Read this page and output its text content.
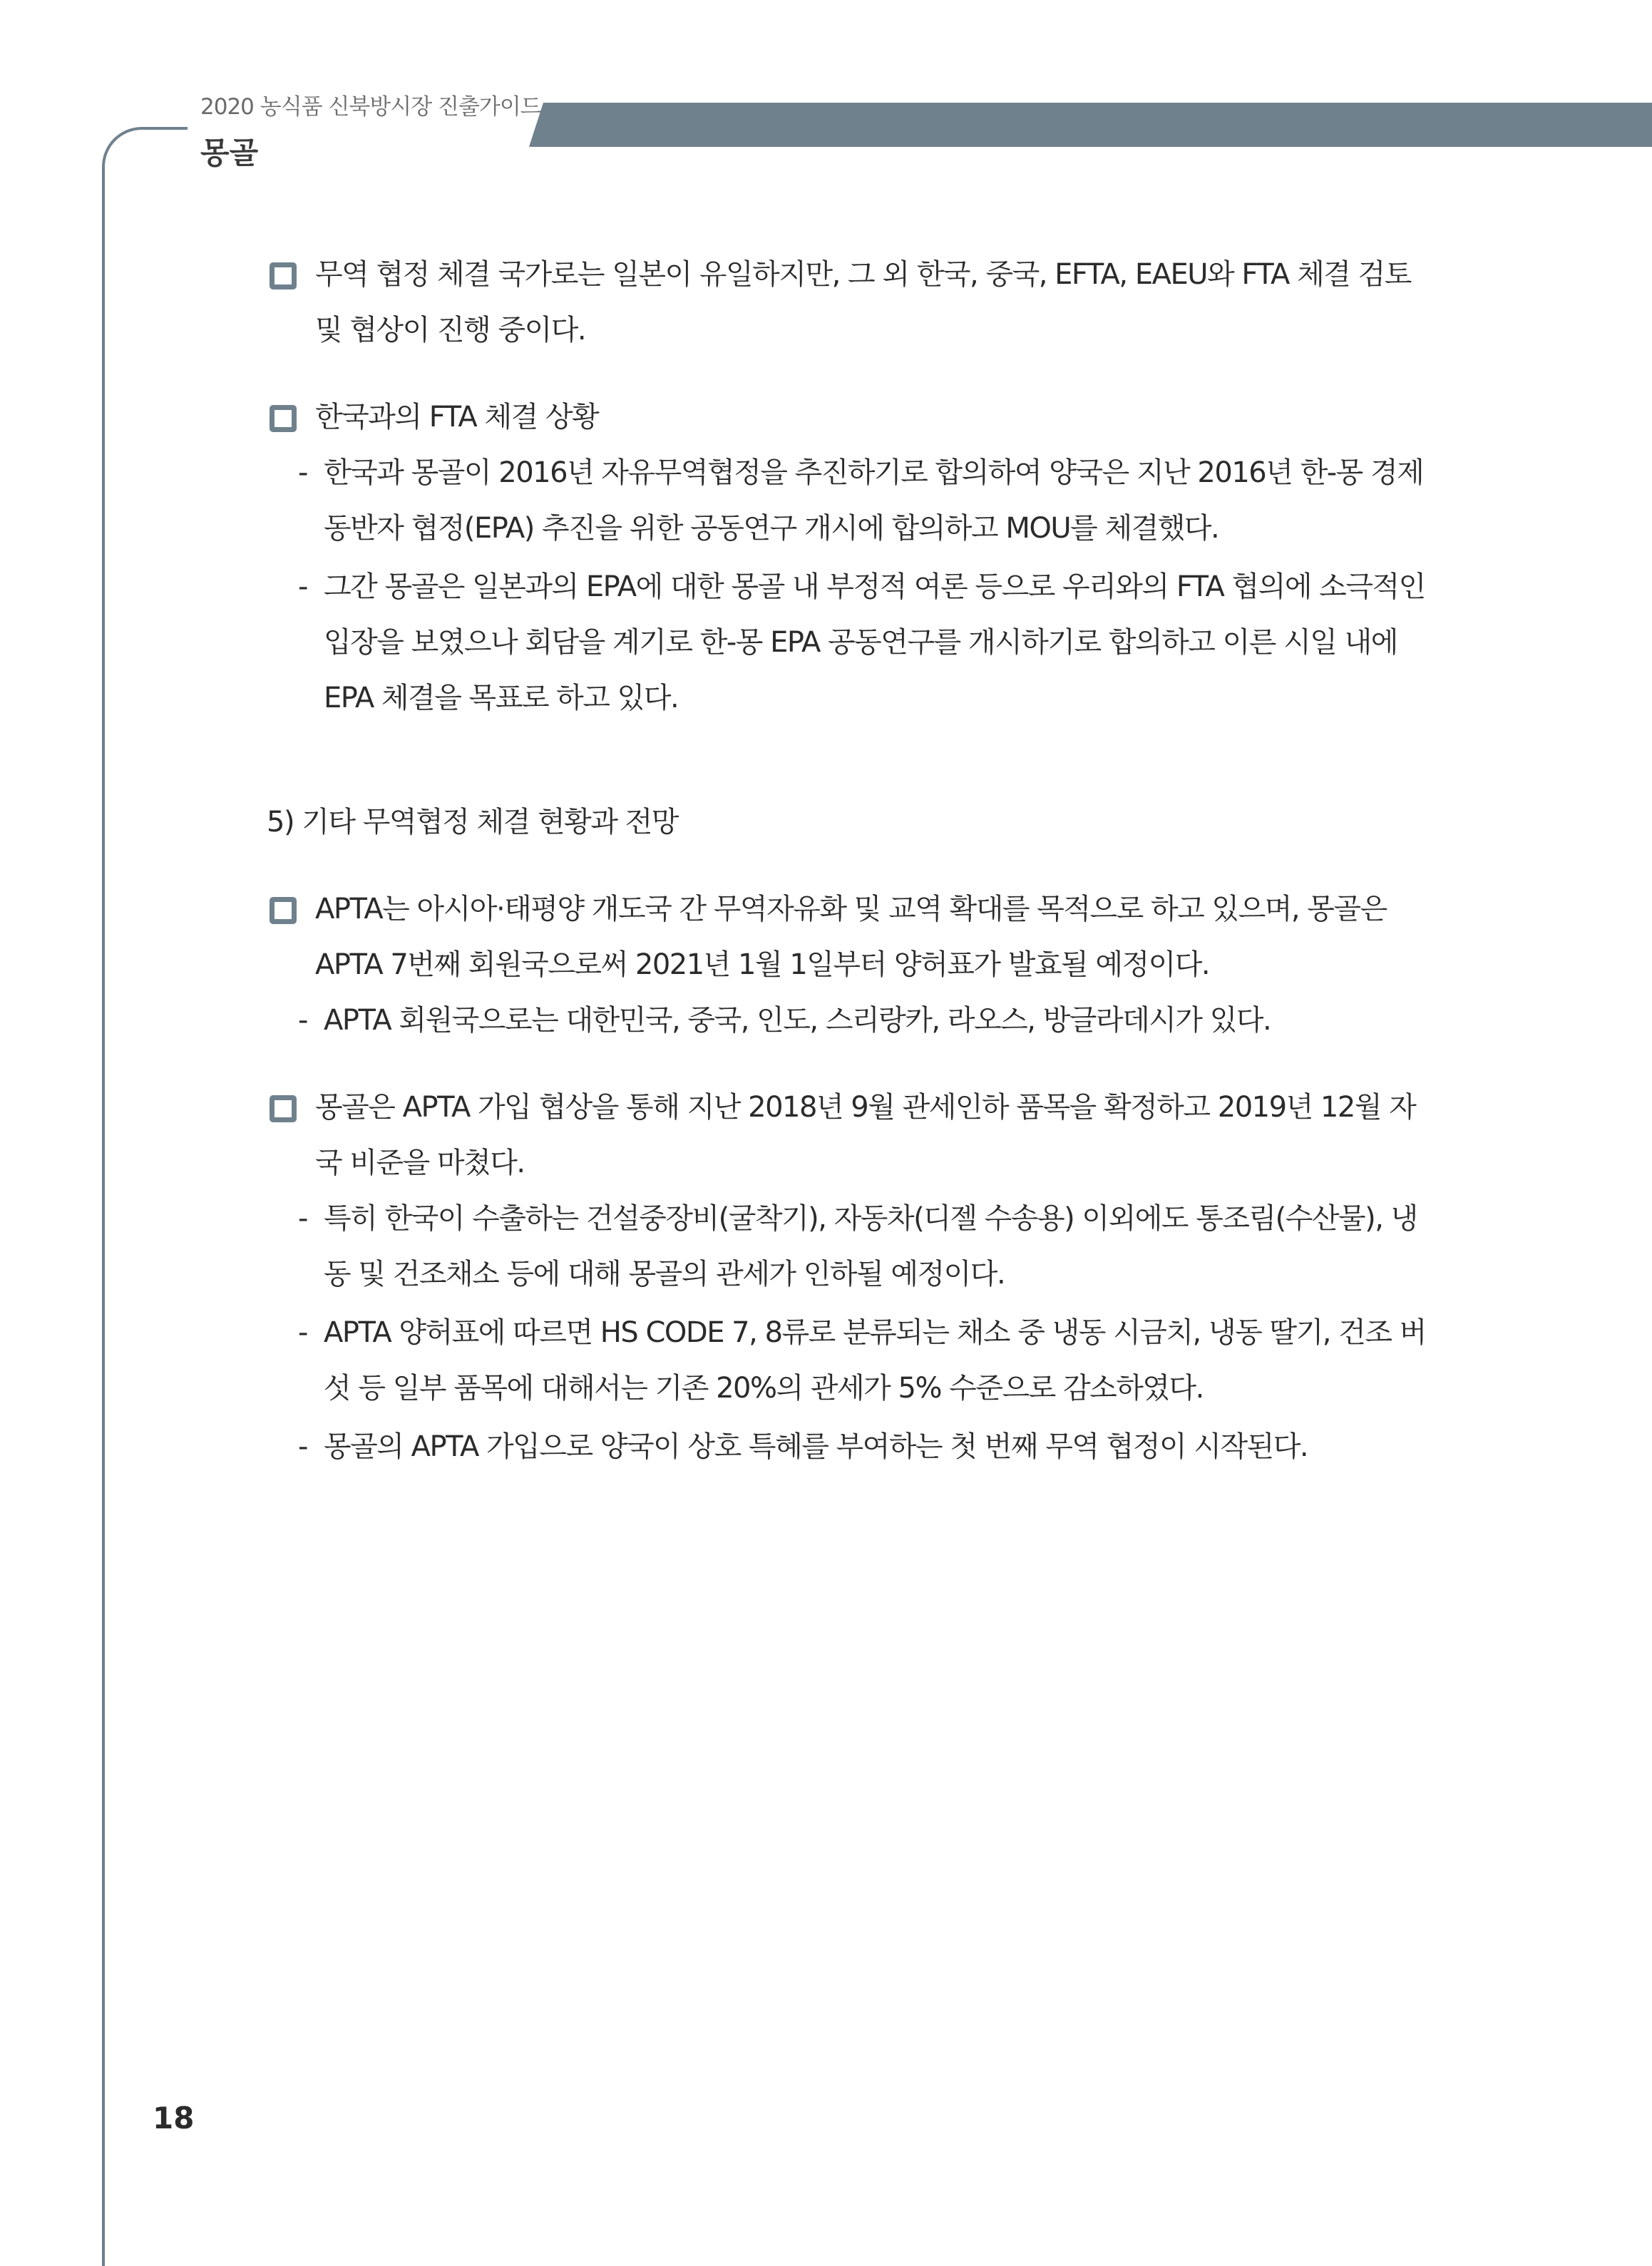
2020 농식품 신북방시장 진출가이드
몽골
무역 협정 체결 국가로는 일본이 유일하지만, 그 외 한국, 중국, EFTA, EAEU와 FTA 체결 검토 및 협상이 진행 중이다.
한국과의 FTA 체결 상황
- 한국과 몽골이 2016년 자유무역협정을 추진하기로 합의하여 양국은 지난 2016년 한-몽 경제동반자 협정(EPA) 추진을 위한 공동연구 개시에 합의하고 MOU를 체결했다.
- 그간 몽골은 일본과의 EPA에 대한 몽골 내 부정적 여론 등으로 우리와의 FTA 협의에 소극적인 입장을 보였으나 회담을 계기로 한-몽 EPA 공동연구를 개시하기로 합의하고 이른 시일 내에 EPA 체결을 목표로 하고 있다.
5) 기타 무역협정 체결 현황과 전망
APTA는 아시아·태평양 개도국 간 무역자유화 및 교역 확대를 목적으로 하고 있으며, 몽골은 APTA 7번째 회원국으로써 2021년 1월 1일부터 양허표가 발효될 예정이다.
- APTA 회원국으로는 대한민국, 중국, 인도, 스리랑카, 라오스, 방글라데시가 있다.
몽골은 APTA 가입 협상을 통해 지난 2018년 9월 관세인하 품목을 확정하고 2019년 12월 자국 비준을 마쳤다.
- 특히 한국이 수출하는 건설중장비(굴착기), 자동차(디젤 수송용) 이외에도 통조림(수산물), 냉동 및 건조채소 등에 대해 몽골의 관세가 인하될 예정이다.
- APTA 양허표에 따르면 HS CODE 7, 8류로 분류되는 채소 중 냉동 시금치, 냉동 딸기, 건조 버섯 등 일부 품목에 대해서는 기존 20%의 관세가 5% 수준으로 감소하였다.
- 몽골의 APTA 가입으로 양국이 상호 특혜를 부여하는 첫 번째 무역 협정이 시작된다.
18
